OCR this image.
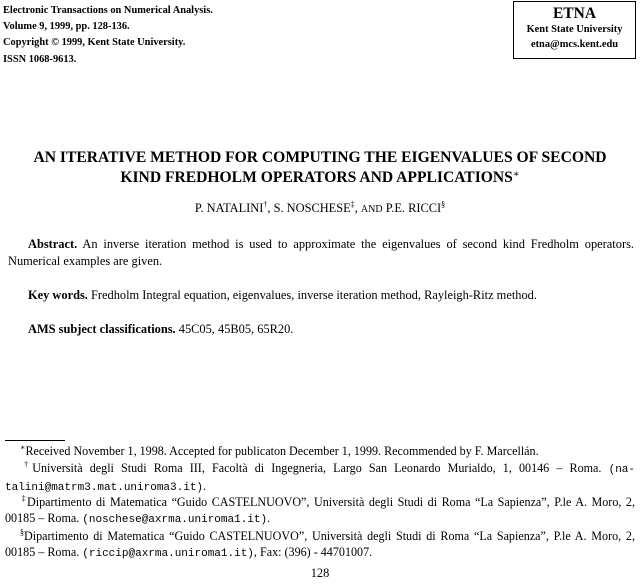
Electronic Transactions on Numerical Analysis.
Volume 9, 1999, pp. 128-136.
Copyright © 1999, Kent State University.
ISSN 1068-9613.
ETNA
Kent State University
etna@mcs.kent.edu
AN ITERATIVE METHOD FOR COMPUTING THE EIGENVALUES OF SECOND
KIND FREDHOLM OPERATORS AND APPLICATIONS∗
P. NATALINI†, S. NOSCHESE‡, AND P.E. RICCI§
Abstract. An inverse iteration method is used to approximate the eigenvalues of second kind Fredholm operators. Numerical examples are given.
Key words. Fredholm Integral equation, eigenvalues, inverse iteration method, Rayleigh-Ritz method.
AMS subject classifications. 45C05, 45B05, 65R20.
∗Received November 1, 1998. Accepted for publicaton December 1, 1999. Recommended by F. Marcellán.
†Università degli Studi Roma III, Facoltà di Ingegneria, Largo San Leonardo Murialdo, 1, 00146 – Roma. (na- talini@matrm3.mat.uniroma3.it).
‡Dipartimento di Matematica “Guido CASTELNUOVO”, Università degli Studi di Roma “La Sapienza”, P.le A. Moro, 2, 00185 – Roma. (noschese@axrma.uniroma1.it).
§Dipartimento di Matematica “Guido CASTELNUOVO”, Università degli Studi di Roma “La Sapienza”, P.le A. Moro, 2, 00185 – Roma. (riccip@axrma.uniroma1.it), Fax: (396) - 44701007.
128
